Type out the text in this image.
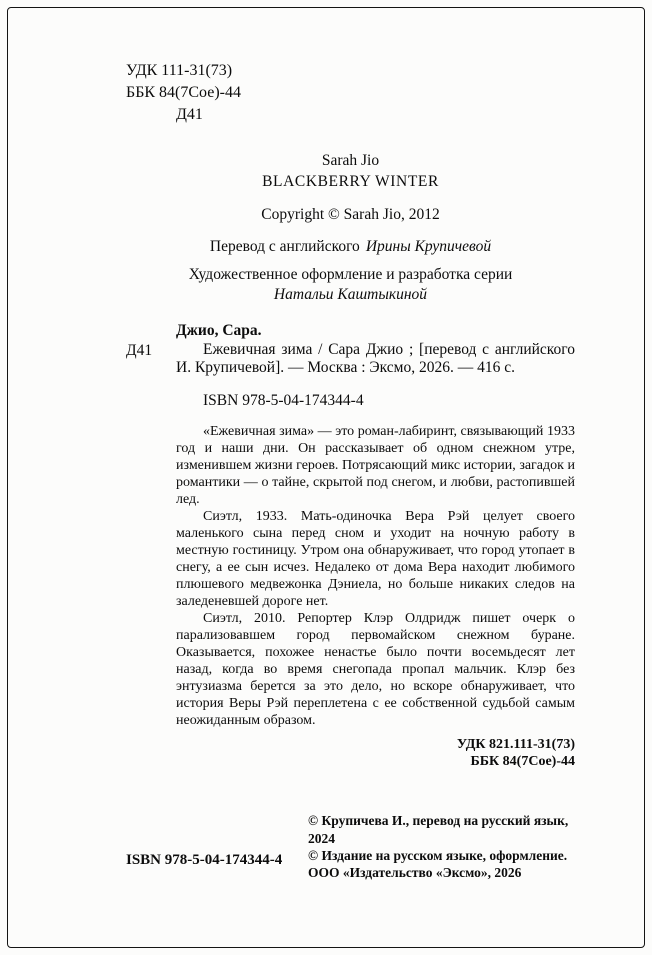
УДК 111-31(73)
ББК 84(7Сое)-44
Д41
Sarah Jio
BLACKBERRY WINTER
Copyright © Sarah Jio, 2012
Перевод с английского Ирины Крупичевой
Художественное оформление и разработка серии
Натальи Каштыкиной

Джио, Сара.

Д41	Ежевичная зима / Сара Джио ; [перевод с английского И. Крупичевой]. — Москва : Эксмо, 2026. — 416 с.

ISBN 978-5-04-174344-4

«Ежевичная зима» — это роман-лабиринт, связывающий 1933 год и наши дни. Он рассказывает об одном снежном утре, изменившем жизни героев. Потрясающий микс истории, загадок и романтики — о тайне, скрытой под снегом, и любви, растопившей лед.

Сиэтл, 1933. Мать-одиночка Вера Рэй целует своего маленького сына перед сном и уходит на ночную работу в местную гостиницу. Утром она обнаруживает, что город утопает в снегу, а ее сын исчез. Недалеко от дома Вера находит любимого плюшевого медвежонка Дэниела, но больше никаких следов на заледеневшей дороге нет.

Сиэтл, 2010. Репортер Клэр Олдридж пишет очерк о парализовавшем город первомайском снежном буране. Оказывается, похожее ненастье было почти восемьдесят лет назад, когда во время снегопада пропал мальчик. Клэр без энтузиазма берется за это дело, но вскоре обнаруживает, что история Веры Рэй переплетена с ее собственной судьбой самым неожиданным образом.

УДК 821.111-31(73)
ББК 84(7Сое)-44
ISBN 978-5-04-174344-4

© Крупичева И., перевод на русский язык, 2024

© Издание на русском языке, оформление. ООО «Издательство «Эксмо», 2026
